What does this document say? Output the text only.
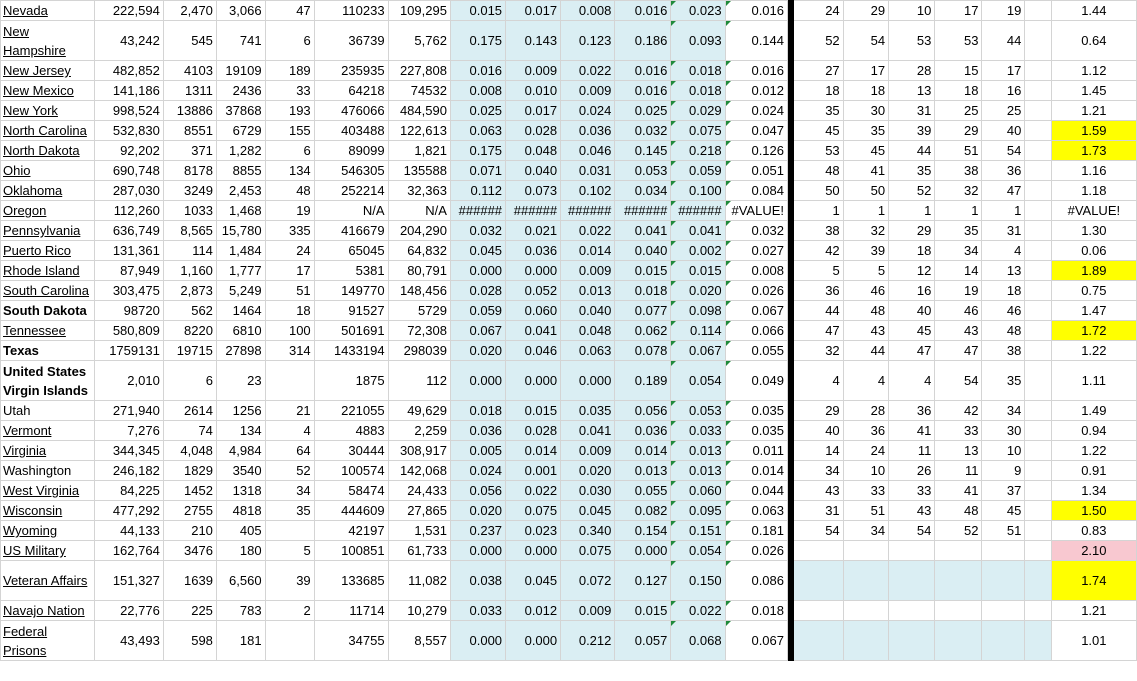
Nevada	222,594	2,470	3,066	47	110233	109,295	0.015	0.017	0.008	0.016	0.023	0.016		24	29	10	17	19		1.44
New Hampshire	43,242	545	741	6	36739	5,762	0.175	0.143	0.123	0.186	0.093	0.144		52	54	53	53	44		0.64
New Jersey	482,852	4103	19109	189	235935	227,808	0.016	0.009	0.022	0.016	0.018	0.016		27	17	28	15	17		1.12
New Mexico	141,186	1311	2436	33	64218	74532	0.008	0.010	0.009	0.016	0.018	0.012		18	18	13	18	16		1.45
New York	998,524	13886	37868	193	476066	484,590	0.025	0.017	0.024	0.025	0.029	0.024		35	30	31	25	25		1.21
North Carolina	532,830	8551	6729	155	403488	122,613	0.063	0.028	0.036	0.032	0.075	0.047		45	35	39	29	40		1.59
North Dakota	92,202	371	1,282	6	89099	1,821	0.175	0.048	0.046	0.145	0.218	0.126		53	45	44	51	54		1.73
Ohio	690,748	8178	8855	134	546305	135588	0.071	0.040	0.031	0.053	0.059	0.051		48	41	35	38	36		1.16
Oklahoma	287,030	3249	2,453	48	252214	32,363	0.112	0.073	0.102	0.034	0.100	0.084		50	50	52	32	47		1.18
Oregon	112,260	1033	1,468	19	N/A	N/A	######	######	######	######	######	#VALUE!		1	1	1	1	1		#VALUE!
Pennsylvania	636,749	8,565	15,780	335	416679	204,290	0.032	0.021	0.022	0.041	0.041	0.032		38	32	29	35	31		1.30
Puerto Rico	131,361	114	1,484	24	65045	64,832	0.045	0.036	0.014	0.040	0.002	0.027		42	39	18	34	4		0.06
Rhode Island	87,949	1,160	1,777	17	5381	80,791	0.000	0.000	0.009	0.015	0.015	0.008		5	5	12	14	13		1.89
South Carolina	303,475	2,873	5,249	51	149770	148,456	0.028	0.052	0.013	0.018	0.020	0.026		36	46	16	19	18		0.75
South Dakota	98720	562	1464	18	91527	5729	0.059	0.060	0.040	0.077	0.098	0.067		44	48	40	46	46		1.47
Tennessee	580,809	8220	6810	100	501691	72,308	0.067	0.041	0.048	0.062	0.114	0.066		47	43	45	43	48		1.72
Texas	1759131	19715	27898	314	1433194	298039	0.020	0.046	0.063	0.078	0.067	0.055		32	44	47	47	38		1.22
United States Virgin Islands	2,010	6	23		1875	112	0.000	0.000	0.000	0.189	0.054	0.049		4	4	4	54	35		1.11
Utah	271,940	2614	1256	21	221055	49,629	0.018	0.015	0.035	0.056	0.053	0.035		29	28	36	42	34		1.49
Vermont	7,276	74	134	4	4883	2,259	0.036	0.028	0.041	0.036	0.033	0.035		40	36	41	33	30		0.94
Virginia	344,345	4,048	4,984	64	30444	308,917	0.005	0.014	0.009	0.014	0.013	0.011		14	24	11	13	10		1.22
Washington	246,182	1829	3540	52	100574	142,068	0.024	0.001	0.020	0.013	0.013	0.014		34	10	26	11	9		0.91
West Virginia	84,225	1452	1318	34	58474	24,433	0.056	0.022	0.030	0.055	0.060	0.044		43	33	33	41	37		1.34
Wisconsin	477,292	2755	4818	35	444609	27,865	0.020	0.075	0.045	0.082	0.095	0.063		31	51	43	48	45		1.50
Wyoming	44,133	210	405		42197	1,531	0.237	0.023	0.340	0.154	0.151	0.181		54	34	54	52	51		0.83
US Military	162,764	3476	180	5	100851	61,733	0.000	0.000	0.075	0.000	0.054	0.026								2.10
Veteran Affairs	151,327	1639	6,560	39	133685	11,082	0.038	0.045	0.072	0.127	0.150	0.086								1.74
Navajo Nation	22,776	225	783	2	11714	10,279	0.033	0.012	0.009	0.015	0.022	0.018								1.21
Federal Prisons	43,493	598	181		34755	8,557	0.000	0.000	0.212	0.057	0.068	0.067								1.01
